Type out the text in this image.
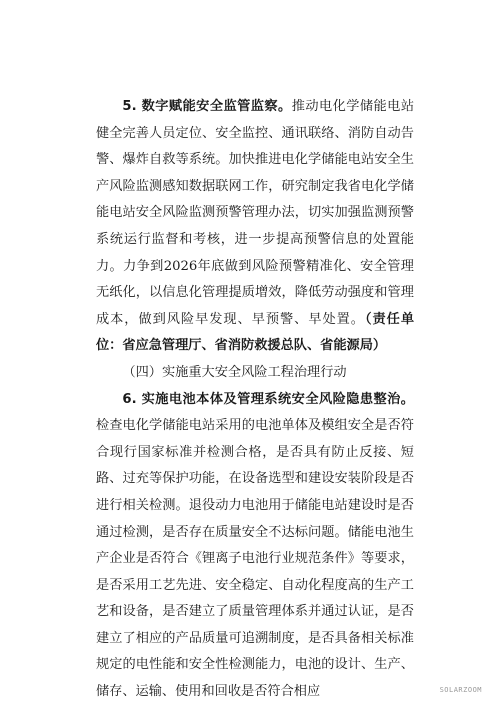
5. 数字赋能安全监管监察。推动电化学储能电站健全完善人员定位、安全监控、通讯联络、消防自动告警、爆炸自救等系统。加快推进电化学储能电站安全生产风险监测感知数据联网工作，研究制定我省电化学储能电站安全风险监测预警管理办法，切实加强监测预警系统运行监督和考核，进一步提高预警信息的处置能力。力争到2026年底做到风险预警精准化、安全管理无纸化，以信息化管理提质增效，降低劳动强度和管理成本，做到风险早发现、早预警、早处置。（责任单位：省应急管理厅、省消防救援总队、省能源局）

（四）实施重大安全风险工程治理行动

6. 实施电池本体及管理系统安全风险隐患整治。检查电化学储能电站采用的电池单体及模组安全是否符合现行国家标准并检测合格，是否具有防止反接、短路、过充等保护功能，在设备选型和建设安装阶段是否进行相关检测。退役动力电池用于储能电站建设时是否通过检测，是否存在质量安全不达标问题。储能电池生产企业是否符合《锂离子电池行业规范条件》等要求，是否采用工艺先进、安全稳定、自动化程度高的生产工艺和设备，是否建立了质量管理体系并通过认证，是否建立了相应的产品质量可追溯制度，是否具备相关标准规定的电性能和安全性检测能力，电池的设计、生产、储存、运输、使用和回收是否符合相应	SOLARZOOM
